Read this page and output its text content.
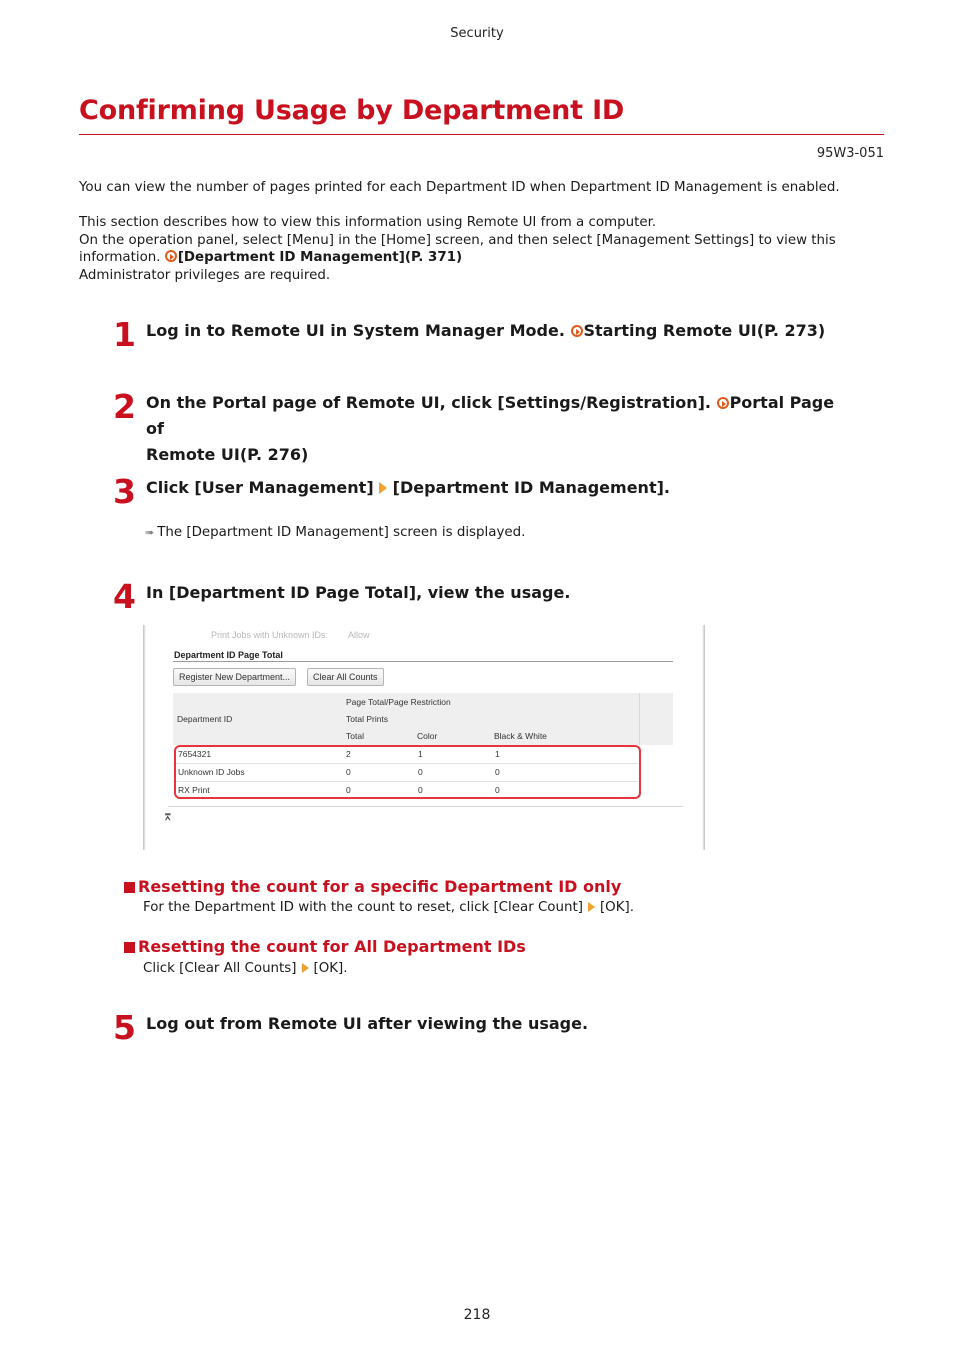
Security
Confirming Usage by Department ID
95W3-051
You can view the number of pages printed for each Department ID when Department ID Management is enabled.
This section describes how to view this information using Remote UI from a computer.
On the operation panel, select [Menu] in the [Home] screen, and then select [Management Settings] to view this
information. [Department ID Management](P. 371)
Administrator privileges are required.
1 Log in to Remote UI in System Manager Mode. Starting Remote UI(P. 273)
2 On the Portal page of Remote UI, click [Settings/Registration]. Portal Page of
Remote UI(P. 276)
3 Click [User Management] [Department ID Management].
➠ The [Department ID Management] screen is displayed.
4 In [Department ID Page Total], view the usage.
Print Jobs with Unknown IDs: Allow
Department ID Page Total
Register New Department...	Clear All Counts
Department ID
Page Total/Page Restriction
Total Prints
Total	Color	Black & White
7654321	2	1	1
Unknown ID Jobs	0	0	0
RX Print	0	0	0
⩞
Resetting the count for a specific Department ID only
For the Department ID with the count to reset, click [Clear Count] [OK].
Resetting the count for All Department IDs
Click [Clear All Counts] [OK].
5 Log out from Remote UI after viewing the usage.
218
